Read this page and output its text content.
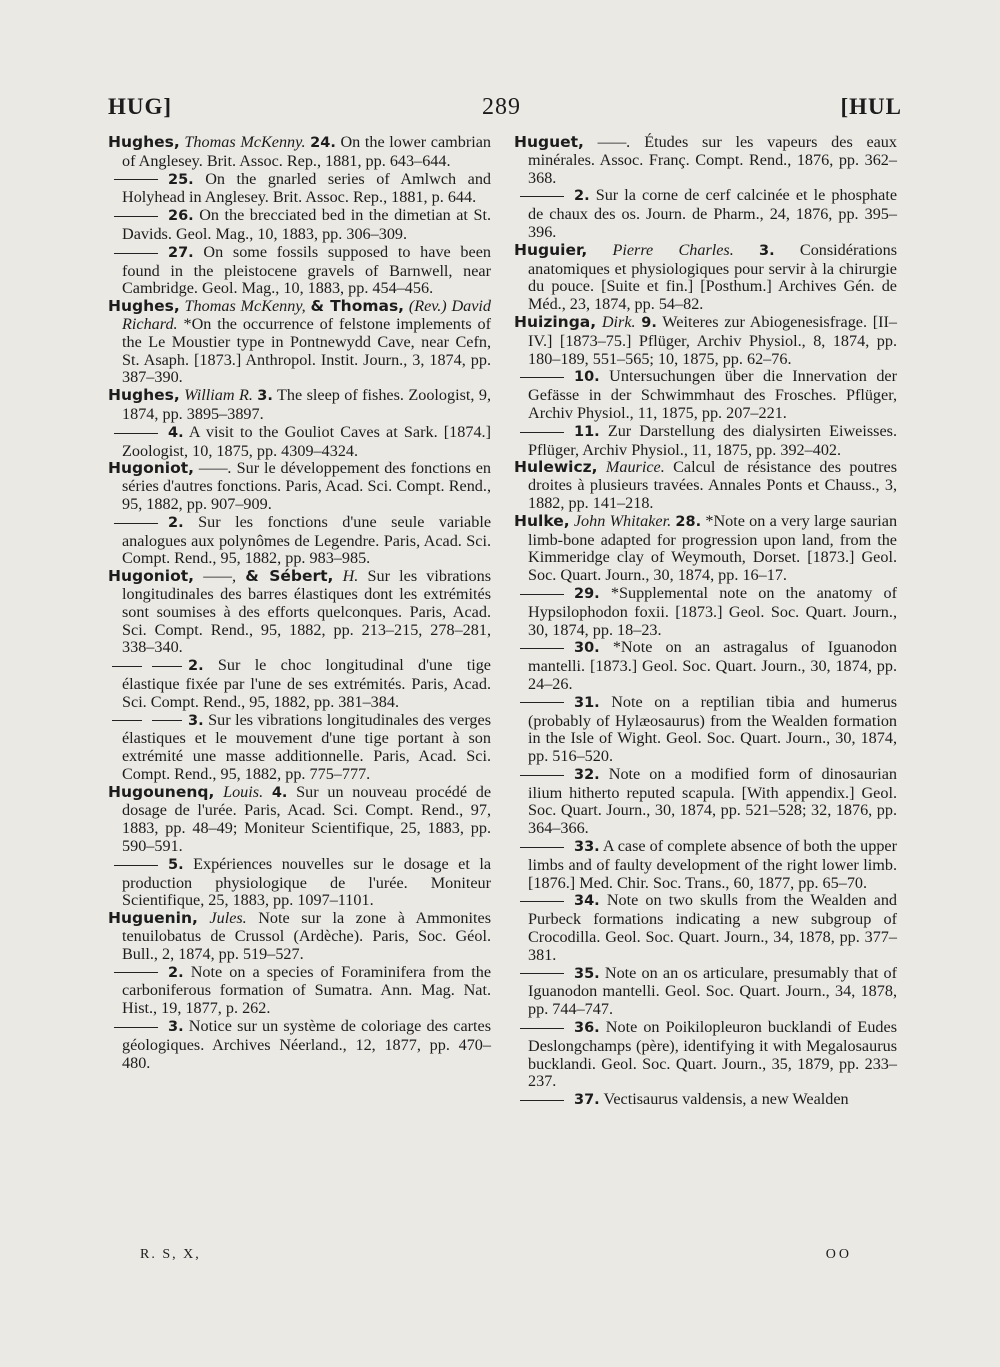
HUG]	289	[HUL

Hughes, Thomas McKenny. 24. On the lower cambrian of Anglesey. Brit. Assoc. Rep., 1881, pp. 643–644.

25. On the gnarled series of Amlwch and Holyhead in Anglesey. Brit. Assoc. Rep., 1881, p. 644.

26. On the brecciated bed in the dimetian at St. Davids. Geol. Mag., 10, 1883, pp. 306–309.

27. On some fossils supposed to have been found in the pleistocene gravels of Barnwell, near Cambridge. Geol. Mag., 10, 1883, pp. 454–456.

Hughes, Thomas McKenny, & Thomas, (Rev.) David Richard. *On the occurrence of felstone implements of the Le Moustier type in Pontnewydd Cave, near Cefn, St. Asaph. [1873.] Anthropol. Instit. Journ., 3, 1874, pp. 387–390.

Hughes, William R. 3. The sleep of fishes. Zoologist, 9, 1874, pp. 3895–3897.

4. A visit to the Gouliot Caves at Sark. [1874.] Zoologist, 10, 1875, pp. 4309–4324.

Hugoniot, ——. Sur le développement des fonctions en séries d'autres fonctions. Paris, Acad. Sci. Compt. Rend., 95, 1882, pp. 907–909.

2. Sur les fonctions d'une seule variable analogues aux polynômes de Legendre. Paris, Acad. Sci. Compt. Rend., 95, 1882, pp. 983–985.

Hugoniot, ——, & Sébert, H. Sur les vibrations longitudinales des barres élastiques dont les extrémités sont soumises à des efforts quelconques. Paris, Acad. Sci. Compt. Rend., 95, 1882, pp. 213–215, 278–281, 338–340.

2. Sur le choc longitudinal d'une tige élastique fixée par l'une de ses extrémités. Paris, Acad. Sci. Compt. Rend., 95, 1882, pp. 381–384.

3. Sur les vibrations longitudinales des verges élastiques et le mouvement d'une tige portant à son extrémité une masse additionnelle. Paris, Acad. Sci. Compt. Rend., 95, 1882, pp. 775–777.

Hugounenq, Louis. 4. Sur un nouveau procédé de dosage de l'urée. Paris, Acad. Sci. Compt. Rend., 97, 1883, pp. 48–49; Moniteur Scientifique, 25, 1883, pp. 590–591.

5. Expériences nouvelles sur le dosage et la production physiologique de l'urée. Moniteur Scientifique, 25, 1883, pp. 1097–1101.

Huguenin, Jules. Note sur la zone à Ammonites tenuilobatus de Crussol (Ardèche). Paris, Soc. Géol. Bull., 2, 1874, pp. 519–527.

2. Note on a species of Foraminifera from the carboniferous formation of Sumatra. Ann. Mag. Nat. Hist., 19, 1877, p. 262.

3. Notice sur un système de coloriage des cartes géologiques. Archives Néerland., 12, 1877, pp. 470–480.

Huguet, ——. Études sur les vapeurs des eaux minérales. Assoc. Franç. Compt. Rend., 1876, pp. 362–368.

2. Sur la corne de cerf calcinée et le phosphate de chaux des os. Journ. de Pharm., 24, 1876, pp. 395–396.

Huguier, Pierre Charles. 3. Considérations anatomiques et physiologiques pour servir à la chirurgie du pouce. [Suite et fin.] [Posthum.] Archives Gén. de Méd., 23, 1874, pp. 54–82.

Huizinga, Dirk. 9. Weiteres zur Abiogenesisfrage. [II–IV.] [1873–75.] Pflüger, Archiv Physiol., 8, 1874, pp. 180–189, 551–565; 10, 1875, pp. 62–76.

10. Untersuchungen über die Innervation der Gefässe in der Schwimmhaut des Frosches. Pflüger, Archiv Physiol., 11, 1875, pp. 207–221.

11. Zur Darstellung des dialysirten Eiweisses. Pflüger, Archiv Physiol., 11, 1875, pp. 392–402.

Hulewicz, Maurice. Calcul de résistance des poutres droites à plusieurs travées. Annales Ponts et Chauss., 3, 1882, pp. 141–218.

Hulke, John Whitaker. 28. *Note on a very large saurian limb-bone adapted for progression upon land, from the Kimmeridge clay of Weymouth, Dorset. [1873.] Geol. Soc. Quart. Journ., 30, 1874, pp. 16–17.

29. *Supplemental note on the anatomy of Hypsilophodon foxii. [1873.] Geol. Soc. Quart. Journ., 30, 1874, pp. 18–23.

30. *Note on an astragalus of Iguanodon mantelli. [1873.] Geol. Soc. Quart. Journ., 30, 1874, pp. 24–26.

31. Note on a reptilian tibia and humerus (probably of Hylæosaurus) from the Wealden formation in the Isle of Wight. Geol. Soc. Quart. Journ., 30, 1874, pp. 516–520.

32. Note on a modified form of dinosaurian ilium hitherto reputed scapula. [With appendix.] Geol. Soc. Quart. Journ., 30, 1874, pp. 521–528; 32, 1876, pp. 364–366.

33. A case of complete absence of both the upper limbs and of faulty development of the right lower limb. [1876.] Med. Chir. Soc. Trans., 60, 1877, pp. 65–70.

34. Note on two skulls from the Wealden and Purbeck formations indicating a new subgroup of Crocodilla. Geol. Soc. Quart. Journ., 34, 1878, pp. 377–381.

35. Note on an os articulare, presumably that of Iguanodon mantelli. Geol. Soc. Quart. Journ., 34, 1878, pp. 744–747.

36. Note on Poikilopleuron bucklandi of Eudes Deslongchamps (père), identifying it with Megalosaurus bucklandi. Geol. Soc. Quart. Journ., 35, 1879, pp. 233–237.

37. Vectisaurus valdensis, a new Wealden

R. S, X,	OO
